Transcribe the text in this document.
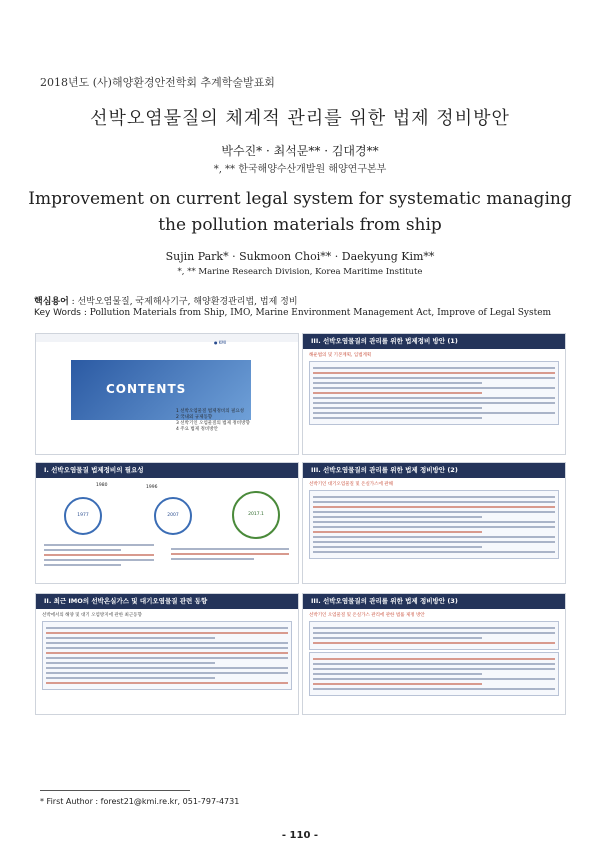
2018년도 (사)해양환경안전학회 추계학술발표회
선박오염물질의 체계적 관리를 위한 법제 정비방안
박수진* · 최석문** · 김대경**
*, ** 한국해양수산개발원 해양연구본부
Improvement on current legal system for systematic managing
the pollution materials from ship
Sujin Park* · Sukmoon Choi** · Daekyung Kim**
*, ** Marine Research Division, Korea Maritime Institute
핵심용어 : 선박오염물질, 국제해사기구, 해양환경관리법, 법제 정비
Key Words : Pollution Materials from Ship, IMO, Marine Environment Management Act, Improve of Legal System
● KMI
CONTENTS
1 선박오염물질 법제정비의 필요성
2 국내외 규제동향
3 선박기인 오염물질의 법제 정비방향
4 주요 법제 정비방안
III. 선박오염물질의 관리를 위한 법제정비 방안 (1)
해운법의 및 기본계획, 입법계획
I. 선박오염물질 법제정비의 필요성
1977	2007	2017.1
1980	1996
III. 선박오염물질의 관리를 위한 법제 정비방안 (2)
선박기인 대기오염물질 및 온실가스에 관해
II. 최근 IMO의 선박온실가스 및 대기오염물질 관련 동향
선박에서의 해양 및 대기 오염방지에 관한 최근동향
III. 선박오염물질의 관리를 위한 법제 정비방안 (3)
선박기인 오염물질 및 온실가스 관리에 관한 법률 제정 방안
* First Author : forest21@kmi.re.kr, 051-797-4731
- 110 -
